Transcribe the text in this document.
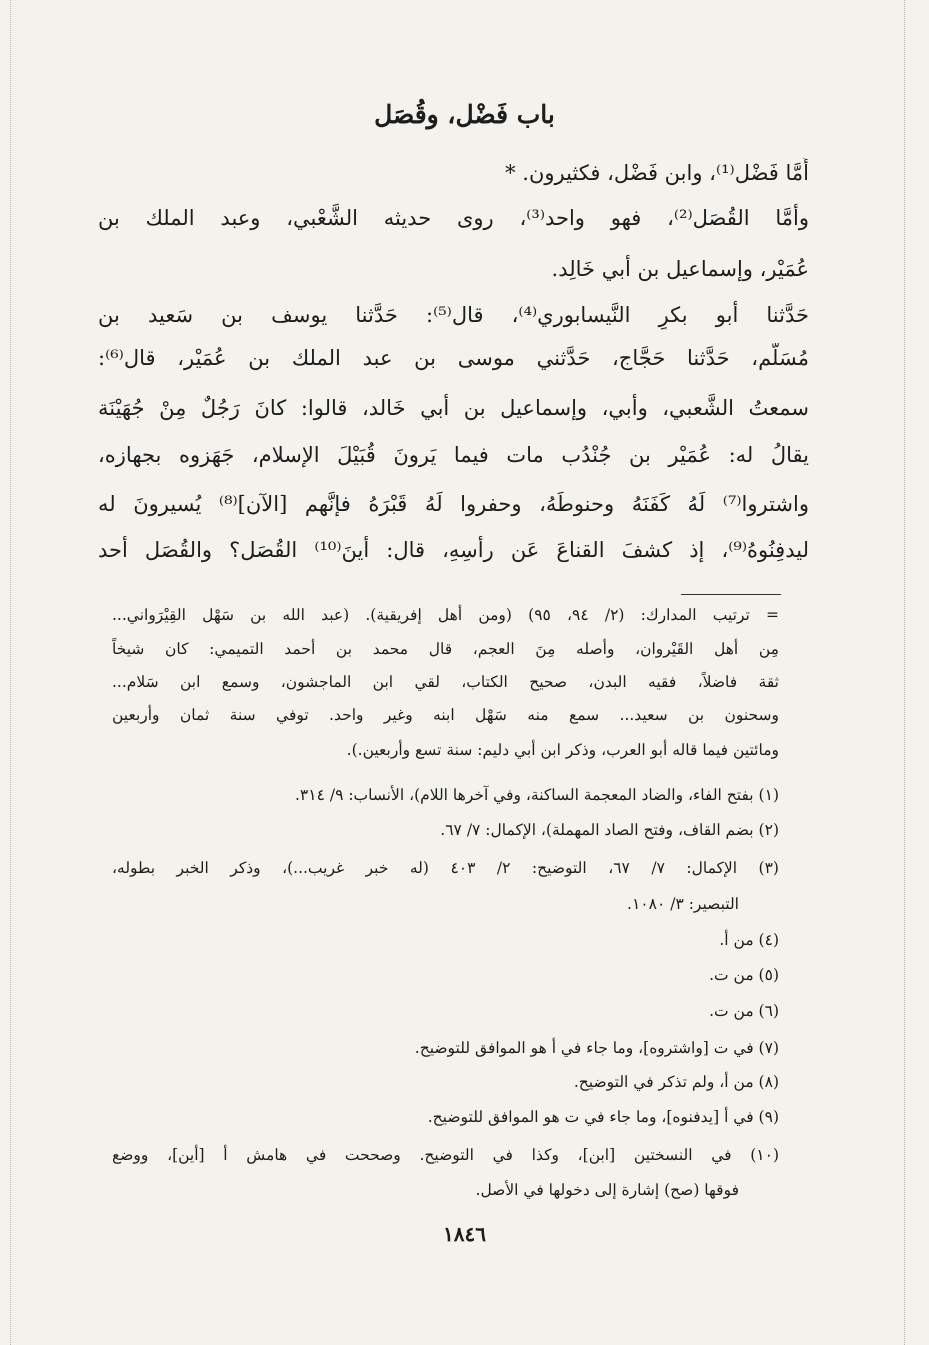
باب فَضْل، وقُصَل
أَمَّا فَضْل⁽¹⁾، وابن فَضْل، فكثيرون. *
وأمَّا القُصَل⁽²⁾، فهو واحد⁽³⁾، روى حديثه الشَّعْبي، وعبد الملك بن
عُمَيْر، وإسماعيل بن أبي خَالِد.
حَدَّثنا أبو بكرٍ النَّيسابوري⁽⁴⁾، قال⁽⁵⁾: حَدَّثنا يوسف بن سَعيد بن
مُسَلَّم، حَدَّثنا حَجَّاج، حَدَّثني موسى بن عبد الملك بن عُمَيْر، قال⁽⁶⁾:
سمعتُ الشَّعبي، وأبي، وإسماعيل بن أبي خَالد، قالوا: كانَ رَجُلٌ مِنْ جُهَيْنَة
يقالُ له: عُمَيْر بن جُنْدُب مات فيما يَرونَ قُبَيْلَ الإسلام، جَهَزوه بجهازه،
واشتروا⁽⁷⁾ لَهُ كَفَنَهُ وحنوطَهُ، وحفروا لَهُ قَبْرَهُ فإنَّهم [الآن]⁽⁸⁾ يُسيرونَ له
ليدفِنُوهُ⁽⁹⁾، إذ كشفَ القناعَ عَن رأسِهِ، قال: أينَ⁽¹⁰⁾ القُصَل؟ والقُصَل أحد
= ترتيب المدارك: (٢/ ٩٤، ٩٥) (ومن أهل إفريقية). (عبد الله بن سَهْل القِيْرَواني...
مِن أهل القَيْروان، وأصله مِنَ العجم، قال محمد بن أحمد التميمي: كان شيخاً
ثقة فاضلاً، فقيه البدن، صحيح الكتاب، لقي ابن الماجشون، وسمع ابن سَلام...
وسحنون بن سعيد... سمع منه سَهْل ابنه وغير واحد. توفي سنة ثمان وأربعين
ومائتين فيما قاله أبو العرب، وذكر ابن أبي دليم: سنة تسع وأربعين.).
(١) بفتح الفاء، والضاد المعجمة الساكنة، وفي آخرها اللام)، الأنساب: ٩/ ٣١٤.
(٢) بضم القاف، وفتح الصاد المهملة)، الإكمال: ٧/ ٦٧.
(٣) الإكمال: ٧/ ٦٧، التوضيح: ٢/ ٤٠٣ (له خبر غريب...)، وذكر الخبر بطوله،
التبصير: ٣/ ١٠٨٠.
(٤) من أ.
(٥) من ت.
(٦) من ت.
(٧) في ت [واشتروه]، وما جاء في أ هو الموافق للتوضيح.
(٨) من أ، ولم تذكر في التوضيح.
(٩) في أ [يدفنوه]، وما جاء في ت هو الموافق للتوضيح.
(١٠) في النسختين [ابن]، وكذا في التوضيح. وصححت في هامش أ [أين]، ووضع
فوقها (صح) إشارة إلى دخولها في الأصل.
١٨٤٦
